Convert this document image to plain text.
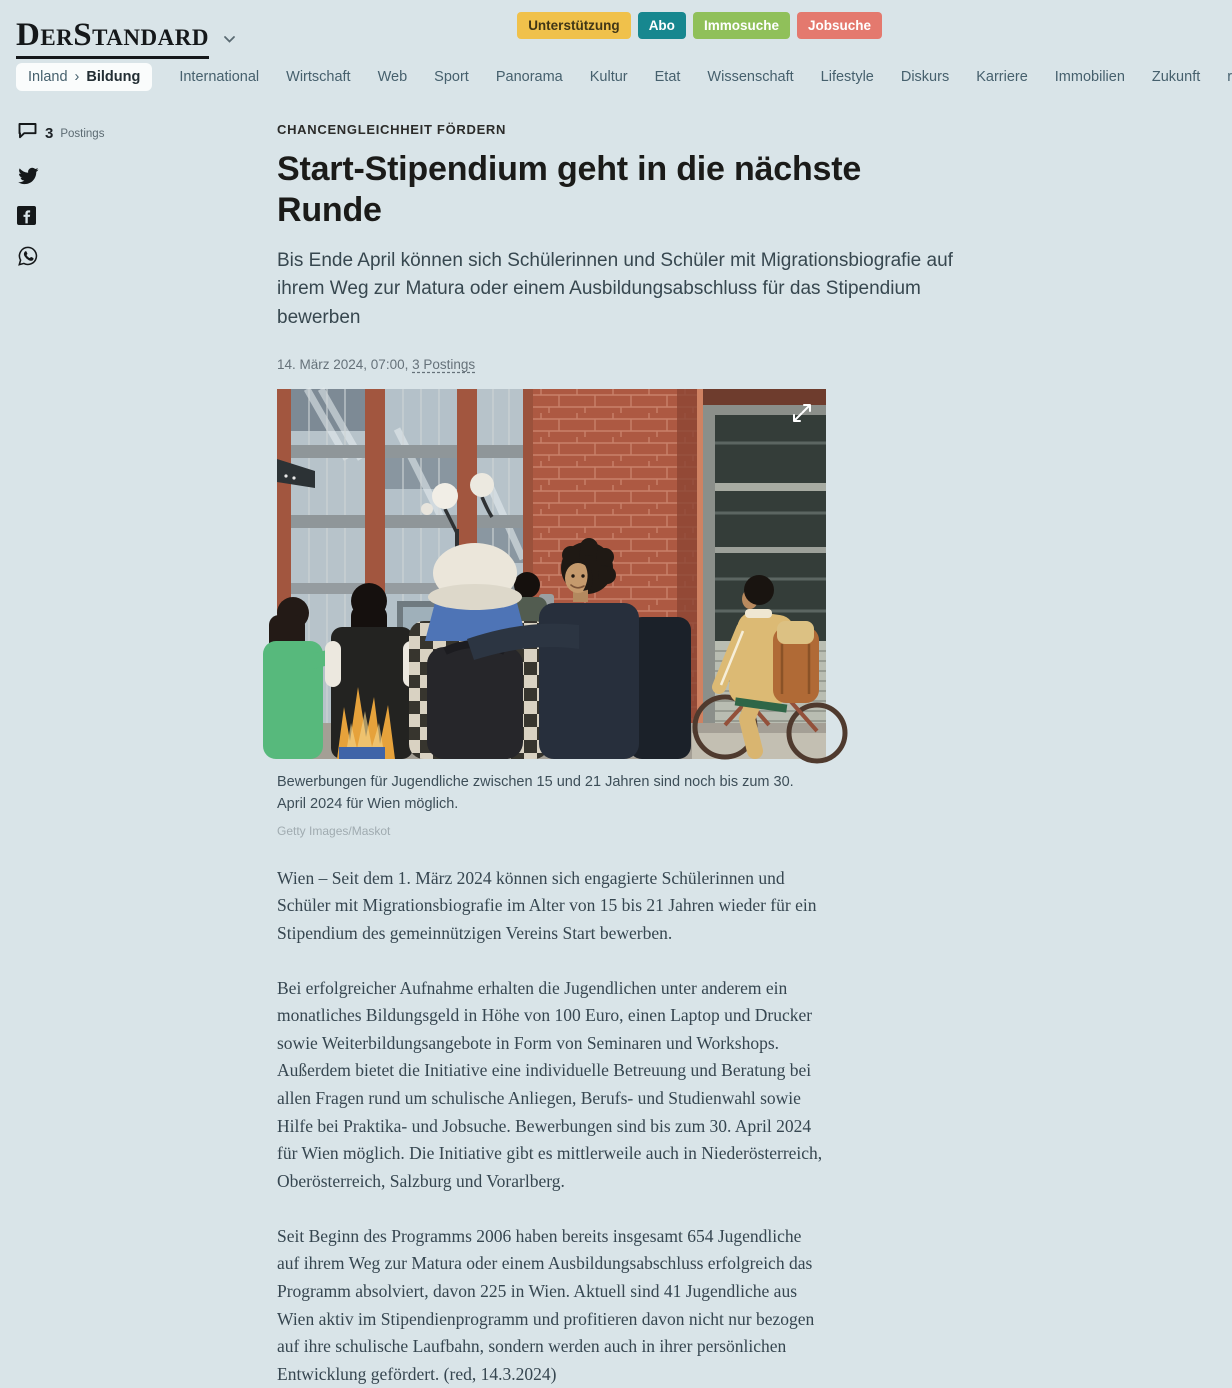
DerStandard	Unterstützung	Abo	Immosuche	Jobsuche
Inland › Bildung	International Wirtschaft Web Sport Panorama Kultur Etat Wissenschaft Lifestyle Diskurs Karriere Immobilien Zukunft r
3 Postings	CHANCENGLEICHHEIT FÖRDERN
Start-Stipendium geht in die nächste Runde

Bis Ende April können sich Schülerinnen und Schüler mit Migrationsbiografie auf ihrem Weg zur Matura oder einem Ausbildungsabschluss für das Stipendium bewerben

14. März 2024, 07:00, 3 Postings
Bewerbungen für Jugendliche zwischen 15 und 21 Jahren sind noch bis zum 30. April 2024 für Wien möglich.
Getty Images/Maskot

Wien – Seit dem 1. März 2024 können sich engagierte Schülerinnen und Schüler mit Migrationsbiografie im Alter von 15 bis 21 Jahren wieder für ein Stipendium des gemeinnützigen Vereins Start bewerben.

Bei erfolgreicher Aufnahme erhalten die Jugendlichen unter anderem ein monatliches Bildungsgeld in Höhe von 100 Euro, einen Laptop und Drucker sowie Weiterbildungsangebote in Form von Seminaren und Workshops. Außerdem bietet die Initiative eine individuelle Betreuung und Beratung bei allen Fragen rund um schulische Anliegen, Berufs- und Studienwahl sowie Hilfe bei Praktika- und Jobsuche. Bewerbungen sind bis zum 30. April 2024 für Wien möglich. Die Initiative gibt es mittlerweile auch in Niederösterreich, Oberösterreich, Salzburg und Vorarlberg.

Seit Beginn des Programms 2006 haben bereits insgesamt 654 Jugendliche auf ihrem Weg zur Matura oder einem Ausbildungsabschluss erfolgreich das Programm absolviert, davon 225 in Wien. Aktuell sind 41 Jugendliche aus Wien aktiv im Stipendienprogramm und profitieren davon nicht nur bezogen auf ihre schulische Laufbahn, sondern werden auch in ihrer persönlichen Entwicklung gefördert. (red, 14.3.2024)
